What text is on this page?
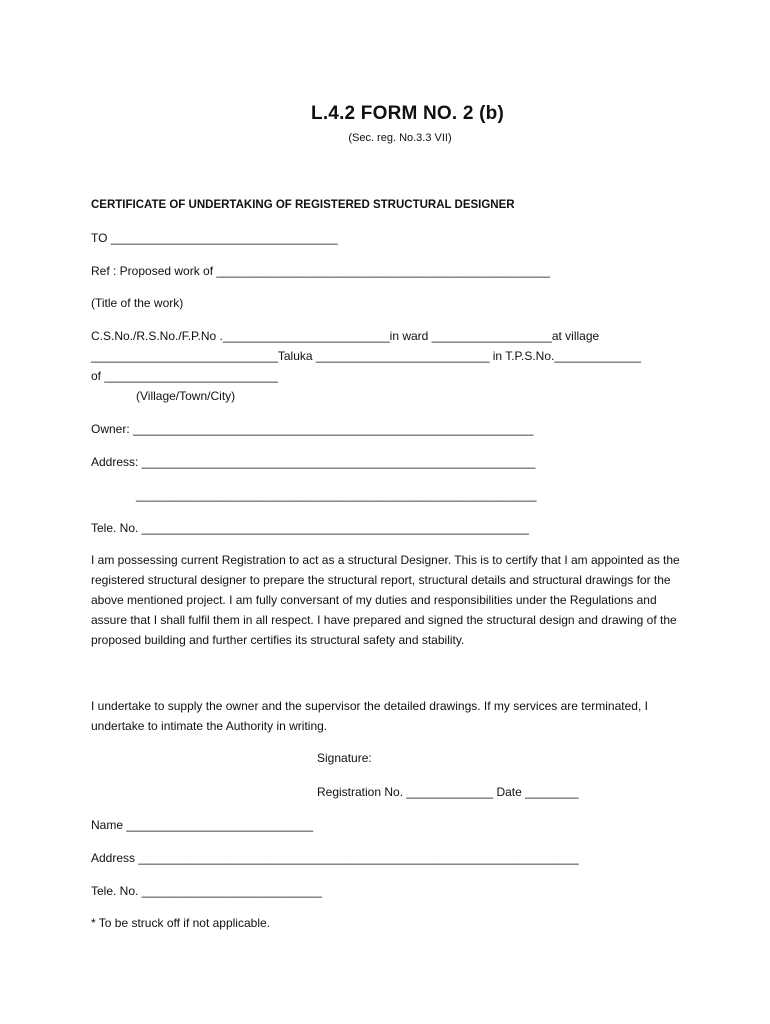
L.4.2 FORM NO. 2 (b)
(Sec. reg. No.3.3 VII)
CERTIFICATE OF UNDERTAKING OF REGISTERED STRUCTURAL DESIGNER
TO __________________________________
Ref : Proposed work of __________________________________________________
(Title of the work)
C.S.No./R.S.No./F.P.No ._________________________in ward __________________at village
____________________________Taluka __________________________ in T.P.S.No._____________
of __________________________
(Village/Town/City)
Owner: ____________________________________________________________
Address: ___________________________________________________________
____________________________________________________________
Tele. No. __________________________________________________________
I am possessing current Registration to act as a structural Designer. This is to certify that I am appointed as the registered structural designer to prepare the structural report, structural details and structural drawings for the above mentioned project. I am fully conversant of my duties and responsibilities under the Regulations and assure that I shall fulfil them in all respect. I have prepared and signed the structural design and drawing of the proposed building and further certifies its structural safety and stability.
I undertake to supply the owner and the supervisor the detailed drawings. If my services are terminated, I undertake to intimate the Authority in writing.
Signature:
Registration No. _____________ Date ________
Name ____________________________
Address __________________________________________________________________
Tele. No. ___________________________
* To be struck off if not applicable.
